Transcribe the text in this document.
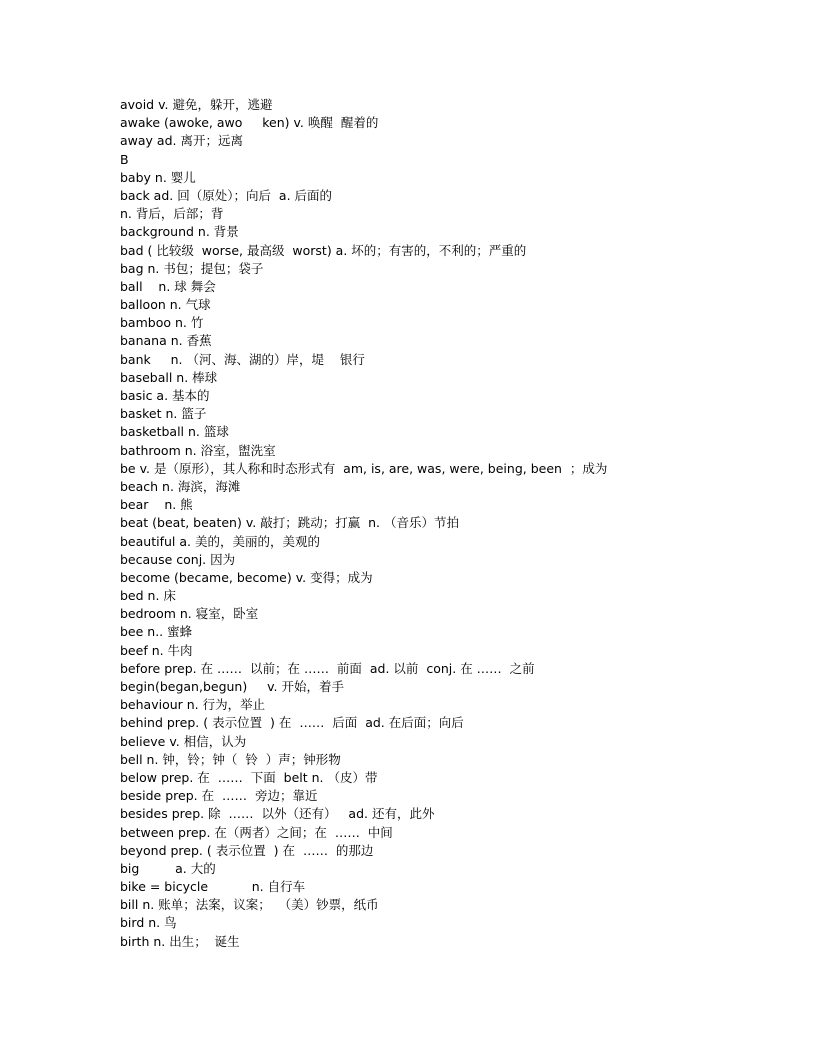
avoid v. 避免，躲开，逃避
awake (awoke, awo     ken) v. 唤醒  醒着的
away ad. 离开；远离
B
baby n. 婴儿
back ad. 回（原处）；向后  a. 后面的
n. 背后，后部；背
background n. 背景
bad ( 比较级  worse, 最高级  worst) a. 坏的；有害的，不利的；严重的
bag n. 书包；提包；袋子
ball    n. 球 舞会
balloon n. 气球
bamboo n. 竹
banana n. 香蕉
bank     n. （河、海、湖的）岸，堤    银行
baseball n. 棒球
basic a. 基本的
basket n. 篮子
basketball n. 篮球
bathroom n. 浴室，盥洗室
be v. 是（原形），其人称和时态形式有  am, is, are, was, were, being, been  ；成为
beach n. 海滨，海滩
bear    n. 熊
beat (beat, beaten) v. 敲打；跳动；打赢  n. （音乐）节拍
beautiful a. 美的，美丽的，美观的
because conj. 因为
become (became, become) v. 变得；成为
bed n. 床
bedroom n. 寝室，卧室
bee n.. 蜜蜂
beef n. 牛肉
before prep. 在 ……  以前；在 ……  前面  ad. 以前  conj. 在 ……  之前
begin(began,begun)     v. 开始，着手
behaviour n. 行为，举止
behind prep. ( 表示位置  ) 在  ……  后面  ad. 在后面；向后
believe v. 相信，认为
bell n. 钟，铃；钟（  铃  ）声；钟形物
below prep. 在  ……  下面  belt n. （皮）带
beside prep. 在  ……  旁边；靠近
besides prep. 除  ……  以外（还有）   ad. 还有，此外
between prep. 在（两者）之间；在  ……  中间
beyond prep. ( 表示位置  ) 在  ……  的那边
big         a. 大的
bike = bicycle           n. 自行车
bill n. 账单；法案，议案；  （美）钞票，纸币
bird n. 鸟
birth n. 出生；  诞生
